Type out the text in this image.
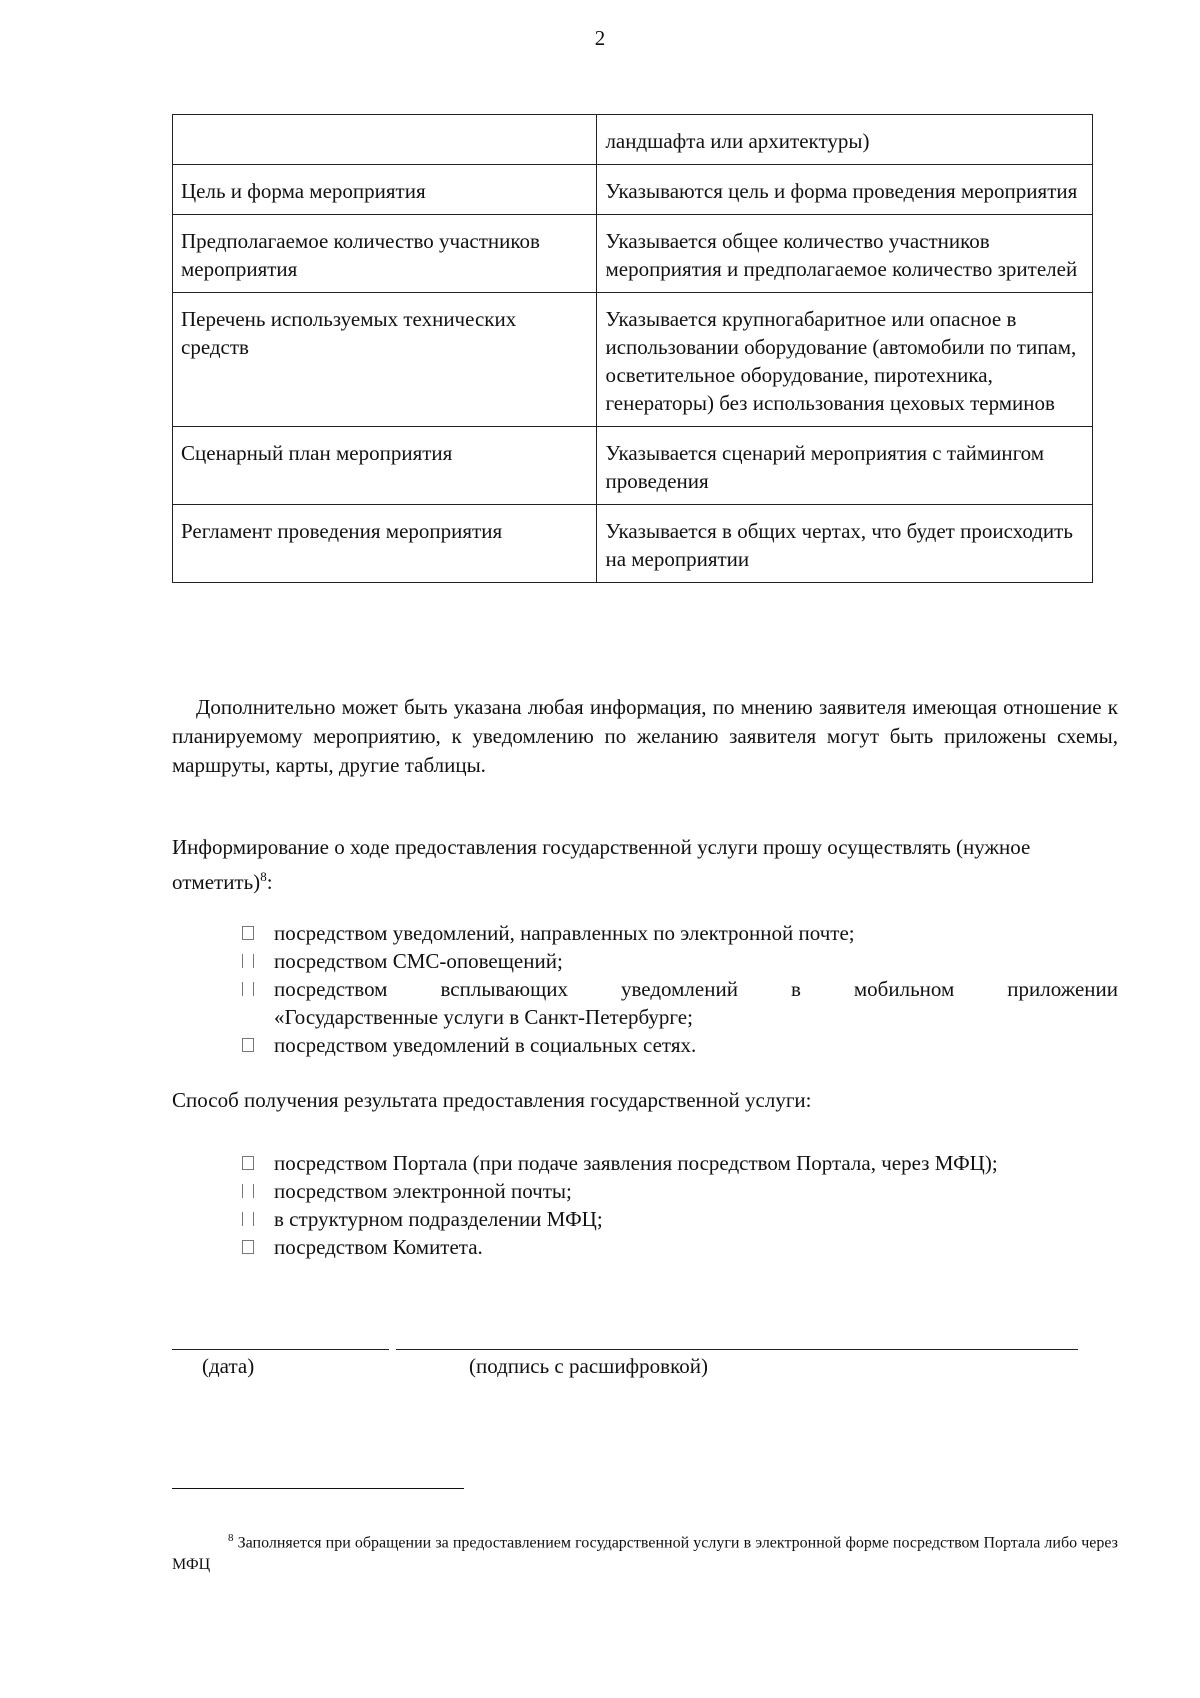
2
	ландшафта или архитектуры)
Цель и форма мероприятия	Указываются цель и форма проведения мероприятия
Предполагаемое количество участников мероприятия	Указывается общее количество участников мероприятия и предполагаемое количество зрителей
Перечень используемых технических средств	Указывается крупногабаритное или опасное в использовании оборудование (автомобили по типам, осветительное оборудование, пиротехника, генераторы) без использования цеховых терминов
Сценарный план мероприятия	Указывается сценарий мероприятия с таймингом проведения
Регламент проведения мероприятия	Указывается в общих чертах, что будет происходить на мероприятии

Дополнительно может быть указана любая информация, по мнению заявителя имеющая отношение к планируемому мероприятию, к уведомлению по желанию заявителя могут быть приложены схемы, маршруты, карты, другие таблицы.

Информирование о ходе предоставления государственной услуги прошу осуществлять (нужное отметить)$^8$:
посредством уведомлений, направленных по электронной почте;
посредством СМС-оповещений;
посредством всплывающих уведомлений в мобильном приложении
«Государственные услуги в Санкт-Петербурге;
посредством уведомлений в социальных сетях.
Способ получения результата предоставления государственной услуги:
посредством Портала (при подаче заявления посредством Портала, через МФЦ);
посредством электронной почты;
в структурном подразделении МФЦ;
посредством Комитета.
(дата)	(подпись с расшифровкой)
$^8$ Заполняется при обращении за предоставлением государственной услуги в электронной форме посредством Портала либо через МФЦ
